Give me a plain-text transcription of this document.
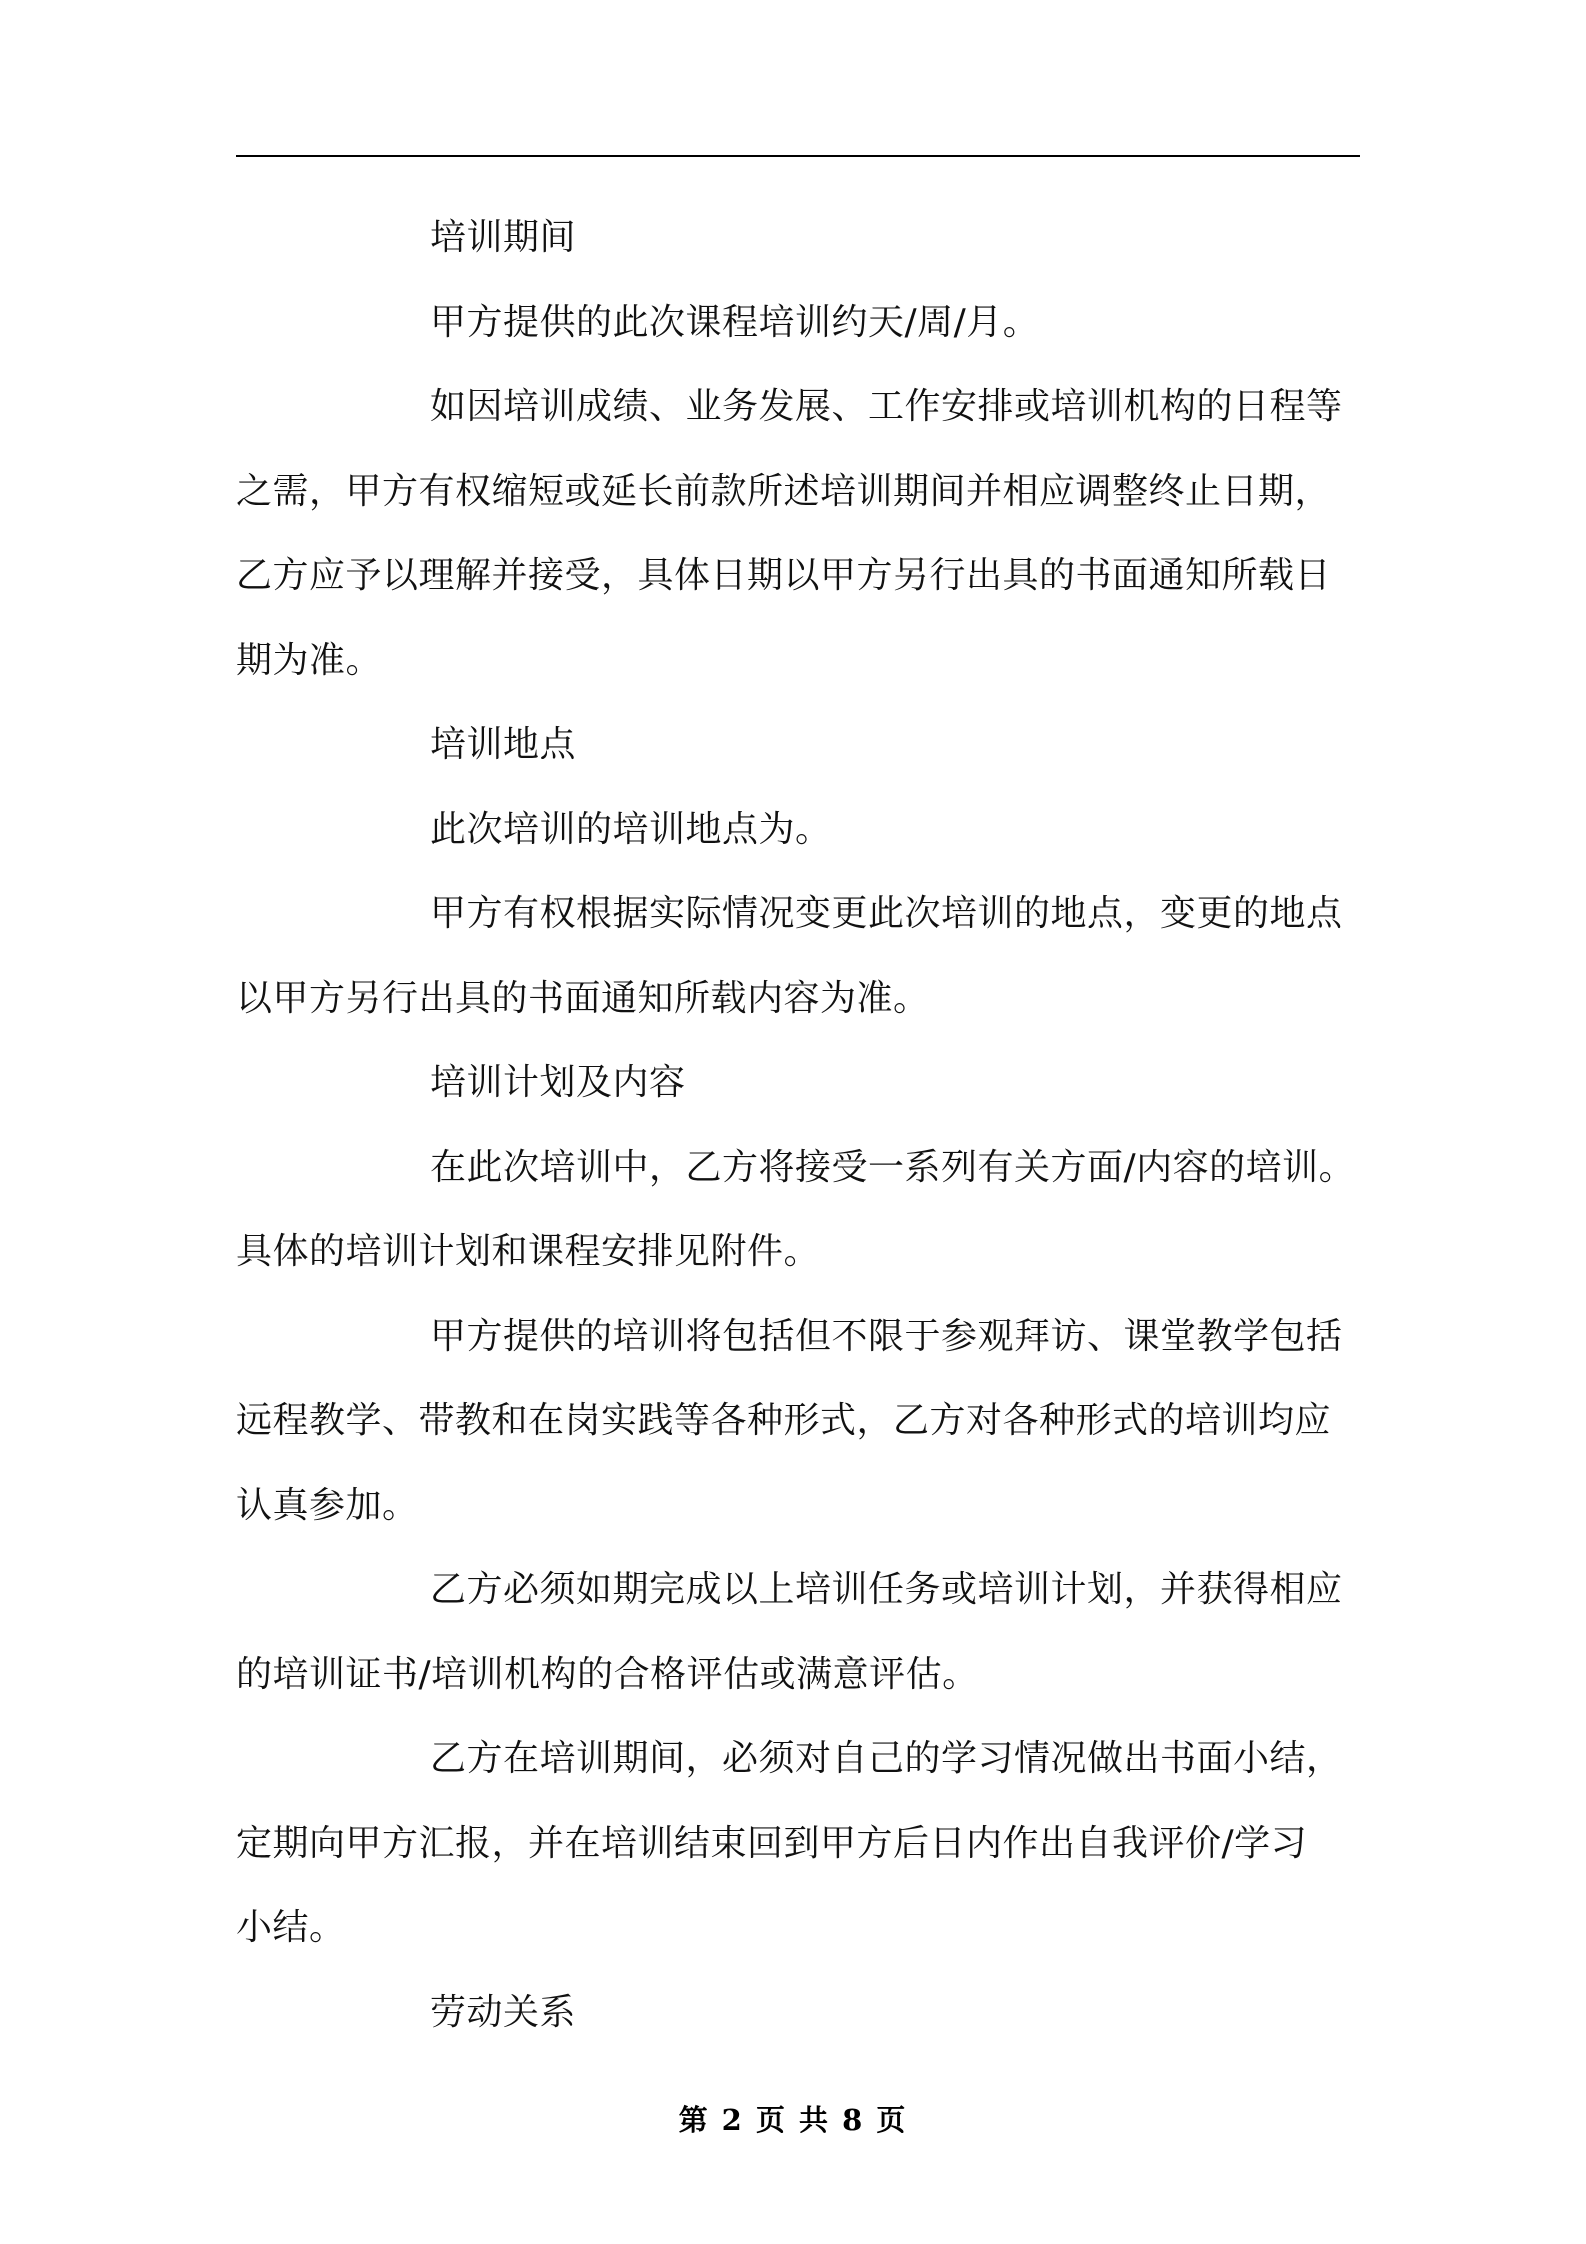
培训期间
甲方提供的此次课程培训约天/周/月。
如因培训成绩、业务发展、工作安排或培训机构的日程等
之需，甲方有权缩短或延长前款所述培训期间并相应调整终止日期，
乙方应予以理解并接受，具体日期以甲方另行出具的书面通知所载日
期为准。
培训地点
此次培训的培训地点为。
甲方有权根据实际情况变更此次培训的地点，变更的地点
以甲方另行出具的书面通知所载内容为准。
培训计划及内容
在此次培训中，乙方将接受一系列有关方面/内容的培训。
具体的培训计划和课程安排见附件。
甲方提供的培训将包括但不限于参观拜访、课堂教学包括
远程教学、带教和在岗实践等各种形式，乙方对各种形式的培训均应
认真参加。
乙方必须如期完成以上培训任务或培训计划，并获得相应
的培训证书/培训机构的合格评估或满意评估。
乙方在培训期间，必须对自己的学习情况做出书面小结，
定期向甲方汇报，并在培训结束回到甲方后日内作出自我评价/学习
小结。
劳动关系
第 2 页 共 8 页
